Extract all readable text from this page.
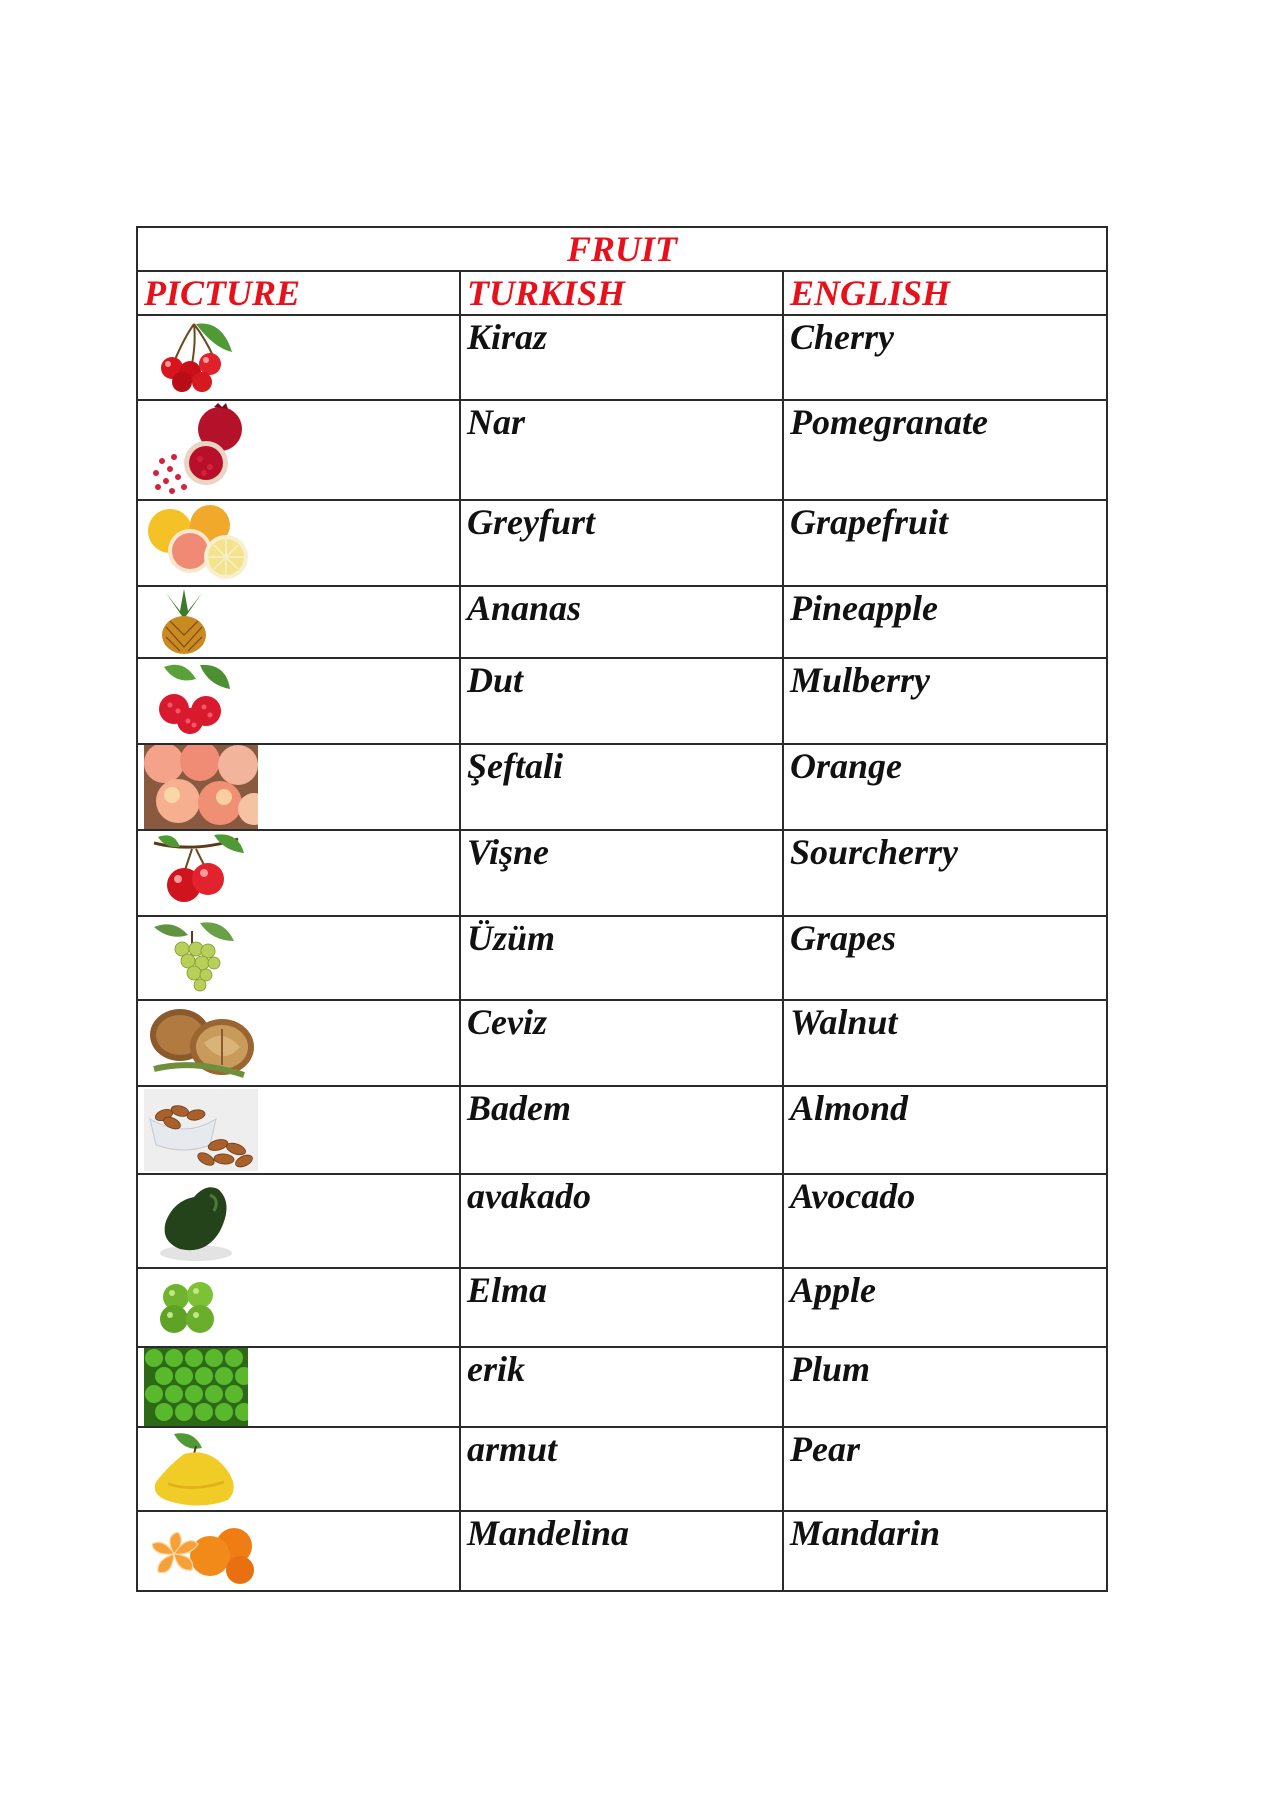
FRUIT		
PICTURE	TURKISH	ENGLISH

	Kiraz	Cherry

	Nar	Pomegranate

	Greyfurt	Grapefruit

	Ananas	Pineapple

	Dut	Mulberry

	Şeftali	Orange

	Vişne	Sourcherry

	Üzüm	Grapes

	Ceviz	Walnut

	Badem	Almond

	avakado	Avocado

	Elma	Apple

	erik	Plum

	armut	Pear

	Mandelina	Mandarin
